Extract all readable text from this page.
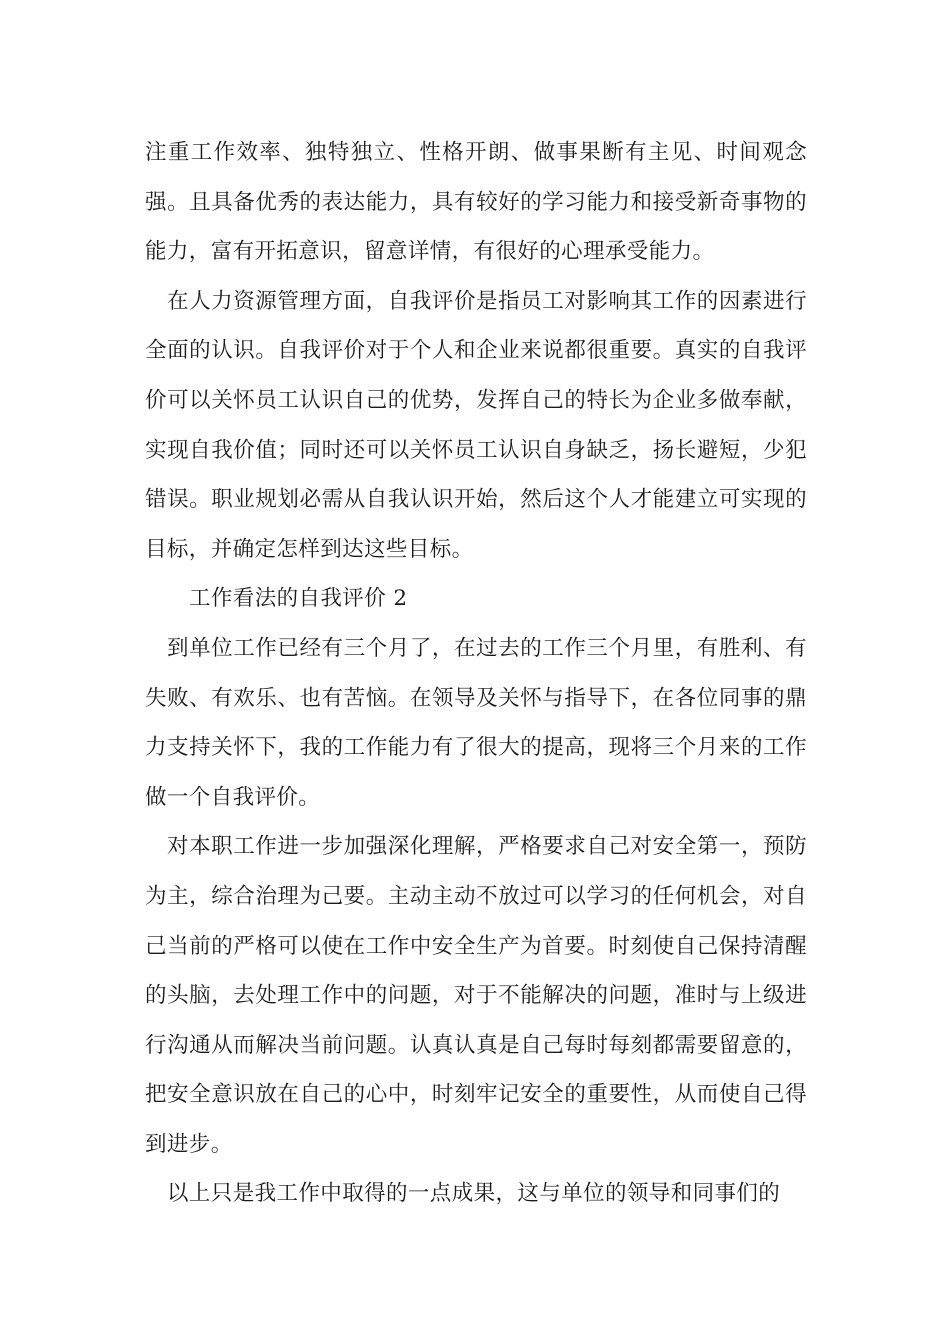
注重工作效率、独特独立、性格开朗、做事果断有主见、时间观念强。且具备优秀的表达能力，具有较好的学习能力和接受新奇事物的能力，富有开拓意识，留意详情，有很好的心理承受能力。

在人力资源管理方面，自我评价是指员工对影响其工作的因素进行全面的认识。自我评价对于个人和企业来说都很重要。真实的自我评价可以关怀员工认识自己的优势，发挥自己的特长为企业多做奉献，实现自我价值；同时还可以关怀员工认识自身缺乏，扬长避短，少犯错误。职业规划必需从自我认识开始，然后这个人才能建立可实现的目标，并确定怎样到达这些目标。

工作看法的自我评价 2

到单位工作已经有三个月了，在过去的工作三个月里，有胜利、有失败、有欢乐、也有苦恼。在领导及关怀与指导下，在各位同事的鼎力支持关怀下，我的工作能力有了很大的提高，现将三个月来的工作做一个自我评价。

对本职工作进一步加强深化理解，严格要求自己对安全第一，预防为主，综合治理为己要。主动主动不放过可以学习的任何机会，对自己当前的严格可以使在工作中安全生产为首要。时刻使自己保持清醒的头脑，去处理工作中的问题，对于不能解决的问题，准时与上级进行沟通从而解决当前问题。认真认真是自己每时每刻都需要留意的，把安全意识放在自己的心中，时刻牢记安全的重要性，从而使自己得到进步。

以上只是我工作中取得的一点成果，这与单位的领导和同事们的
